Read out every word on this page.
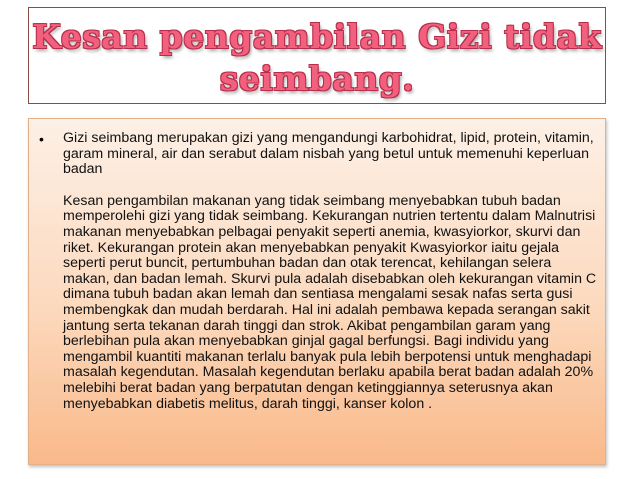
Kesan pengambilan Gizi tidak
seimbang.
• Gizi seimbang merupakan gizi yang mengandungi karbohidrat, lipid, protein, vitamin, garam mineral, air dan serabut dalam nisbah yang betul untuk memenuhi keperluan badan

Kesan pengambilan makanan yang tidak seimbang menyebabkan tubuh badan memperolehi gizi yang tidak seimbang. Kekurangan nutrien tertentu dalam Malnutrisi makanan menyebabkan pelbagai penyakit seperti anemia, kwasyiorkor, skurvi dan riket. Kekurangan protein akan menyebabkan penyakit Kwasyiorkor iaitu gejala seperti perut buncit, pertumbuhan badan dan otak terencat, kehilangan selera makan, dan badan lemah. Skurvi pula adalah disebabkan oleh kekurangan vitamin C dimana tubuh badan akan lemah dan sentiasa mengalami sesak nafas serta gusi membengkak dan mudah berdarah. Hal ini adalah pembawa kepada serangan sakit jantung serta tekanan darah tinggi dan strok. Akibat pengambilan garam yang berlebihan pula akan menyebabkan ginjal gagal berfungsi. Bagi individu yang mengambil kuantiti makanan terlalu banyak pula lebih berpotensi untuk menghadapi masalah kegendutan. Masalah kegendutan berlaku apabila berat badan adalah 20% melebihi berat badan yang berpatutan dengan ketinggiannya seterusnya akan menyebabkan diabetis melitus, darah tinggi, kanser kolon .
